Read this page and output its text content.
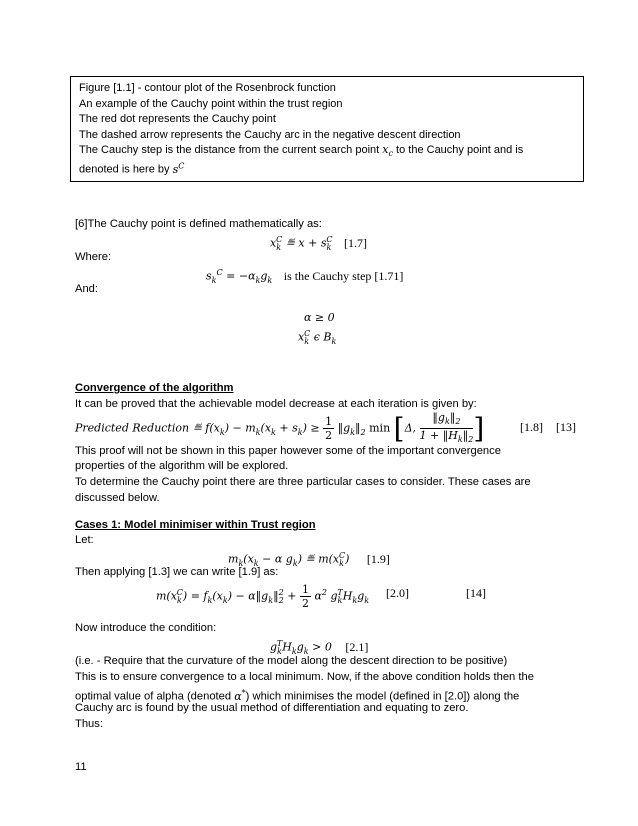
Figure [1.1] - contour plot of the Rosenbrock function
An example of the Cauchy point within the trust region
The red dot represents the Cauchy point
The dashed arrow represents the Cauchy arc in the negative descent direction
The Cauchy step is the distance from the current search point $x_c$ to the Cauchy point and is
denoted is here by $s^C$
[6]The Cauchy point is defined mathematically as:
$x_k^C$ ≝ $x + s_k^C$ [1.7]
Where:
$s_k^C = -\alpha_kg_k$ is the Cauchy step [1.71]
And:
α ≥ 0
$x_k^C$ ϵ $B_k$
Convergence of the algorithm
It can be proved that the achievable model decrease at each iteration is given by:
Predicted Reduction ≝ $f(x_k) - m_k(x_k + s_k) \ge \frac{1}{2}$ $‖g_k‖_2$ min [Δ, $\frac{‖g_k‖_2}{1 + ‖H_k‖_2}$ ]	[1.8] [13]
This proof will not be shown in this paper however some of the important convergence
properties of the algorithm will be explored.
To determine the Cauchy point there are three particular cases to consider. These cases are
discussed below.
Cases 1: Model minimiser within Trust region
Let:
$m_k(x_k - \alpha$ $g_k$) ≝ $m(x_k^C)$ [1.9]
Then applying [1.3] we can write [1.9] as:
$m(x_k^C) = f_k(x_k)$ − $\alpha‖g_k‖_2^2 + \frac{1}{2} \alpha^2$ $g_k^TH_kg_k$
[2.0]	[14]
Now introduce the condition:
$g_k^TH_kg_k > 0$ [2.1]
(i.e. - Require that the curvature of the model along the descent direction to be positive)
This is to ensure convergence to a local minimum. Now, if the above condition holds then the
optimal value of alpha (denoted α*) which minimises the model (defined in [2.0]) along the
Cauchy arc is found by the usual method of differentiation and equating to zero.
Thus:
11
